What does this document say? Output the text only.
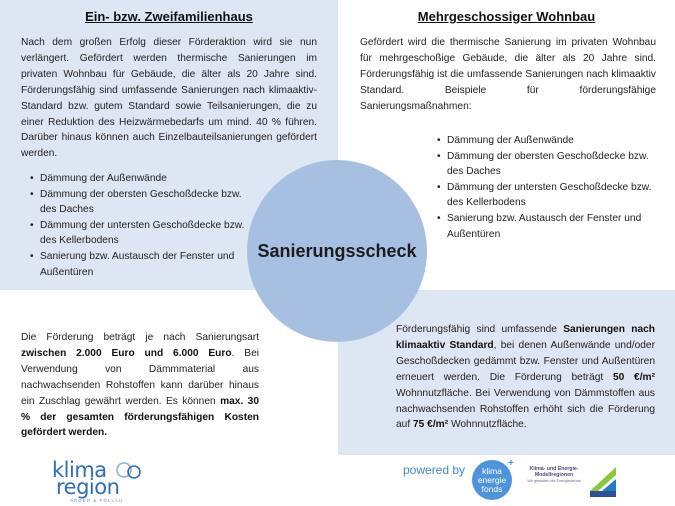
Ein- bzw. Zweifamilienhaus	Mehrgeschossiger Wohnbau

Nach dem großen Erfolg dieser Förderaktion wird sie nun verlängert. Gefördert werden thermische Sanierungen im privaten Wohnbau für Gebäude, die älter als 20 Jahre sind. Förderungsfähig sind umfassende Sanierungen nach klimaaktiv-Standard bzw. gutem Standard sowie Teilsanierungen, die zu einer Reduktion des Heizwärmebedarfs um mind. 40 % führen. Darüber hinaus können auch Einzelbauteilsanierungen gefördert werden.

Gefördert wird die thermische Sanierung im privaten Wohnbau für mehrgeschoßige Gebäude, die älter als 20 Jahre sind. Förderungsfähig ist die umfassende Sanierungen nach klimaaktiv Standard. Beispiele für förderungsfähige Sanierungsmaßnahmen:

• Dämmung der Außenwände
• Dämmung der obersten Geschoßdecke bzw. des Daches
• Dämmung der untersten Geschoßdecke bzw. des Kellerbodens
• Sanierung bzw. Austausch der Fenster und Außentüren
• Dämmung der Außenwände
• Dämmung der obersten Geschoßdecke bzw. des Daches
• Dämmung der untersten Geschoßdecke bzw. des Kellerbodens
• Sanierung bzw. Austausch der Fenster und Außentüren

Die Förderung beträgt je nach Sanierungsart zwischen 2.000 Euro und 6.000 Euro. Bei Verwendung von Dämmmaterial aus nachwachsenden Rohstoffen kann darüber hinaus ein Zuschlag gewährt werden. Es können max. 30 % der gesamten förderungsfähigen Kosten gefördert werden.

Förderungsfähig sind umfassende Sanierungen nach klimaaktiv Standard, bei denen Außenwände und/oder Geschoßdecken gedämmt bzw. Fenster und Außentüren erneuert werden. Die Förderung beträgt 50 €/m² Wohnnutzfläche. Bei Verwendung von Dämmstoffen aus nachwachsenden Rohstoffen erhöht sich die Förderung auf 75 €/m² Wohnnutzfläche.

Sanierungsscheck
klima
region
ANGER & PÖLLAU
powered by	klima
energie
fonds
+	Klima- und Energie-Modellregionen
Wir gestalten die Energiewende
